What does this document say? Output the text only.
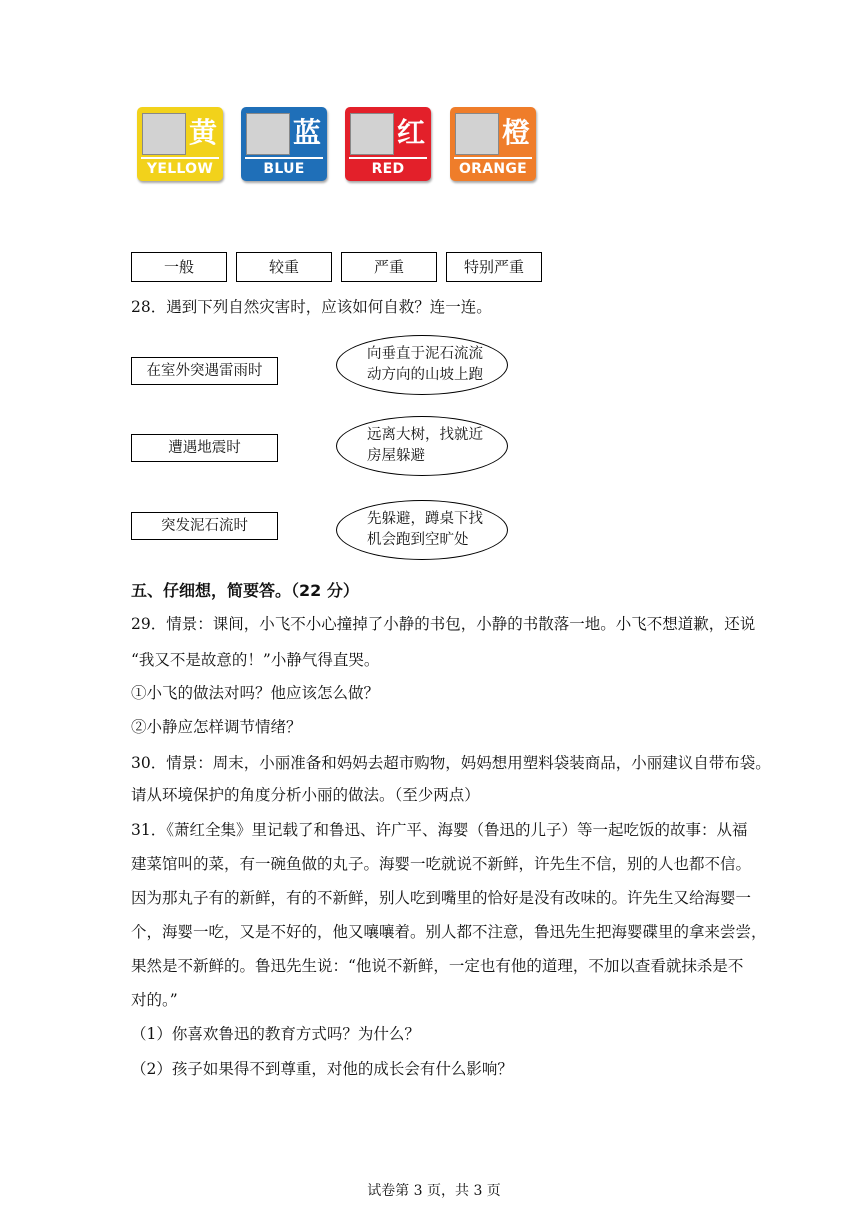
黄
YELLOW
蓝
BLUE
红
RED
橙
ORANGE
一般	较重	严重	特别严重
28．遇到下列自然灾害时，应该如何自救？连一连。
在室外突遇雷雨时
遭遇地震时
突发泥石流时
向垂直于泥石流流
动方向的山坡上跑
远离大树，找就近
房屋躲避
先躲避，蹲桌下找
机会跑到空旷处
五、仔细想，简要答。（22 分）
29．情景：课间，小飞不小心撞掉了小静的书包，小静的书散落一地。小飞不想道歉，还说
“我又不是故意的！”小静气得直哭。
①小飞的做法对吗？他应该怎么做？
②小静应怎样调节情绪？
30．情景：周末，小丽准备和妈妈去超市购物，妈妈想用塑料袋装商品，小丽建议自带布袋。
请从环境保护的角度分析小丽的做法。（至少两点）
31．《萧红全集》里记载了和鲁迅、许广平、海婴（鲁迅的儿子）等一起吃饭的故事：从福
建菜馆叫的菜，有一碗鱼做的丸子。海婴一吃就说不新鲜，许先生不信，别的人也都不信。
因为那丸子有的新鲜，有的不新鲜，别人吃到嘴里的恰好是没有改味的。许先生又给海婴一
个，海婴一吃，又是不好的，他又嚷嚷着。别人都不注意，鲁迅先生把海婴碟里的拿来尝尝，
果然是不新鲜的。鲁迅先生说：“他说不新鲜，一定也有他的道理，不加以查看就抹杀是不
对的。”
（1）你喜欢鲁迅的教育方式吗？为什么？
（2）孩子如果得不到尊重，对他的成长会有什么影响？
试卷第 3 页，共 3 页
